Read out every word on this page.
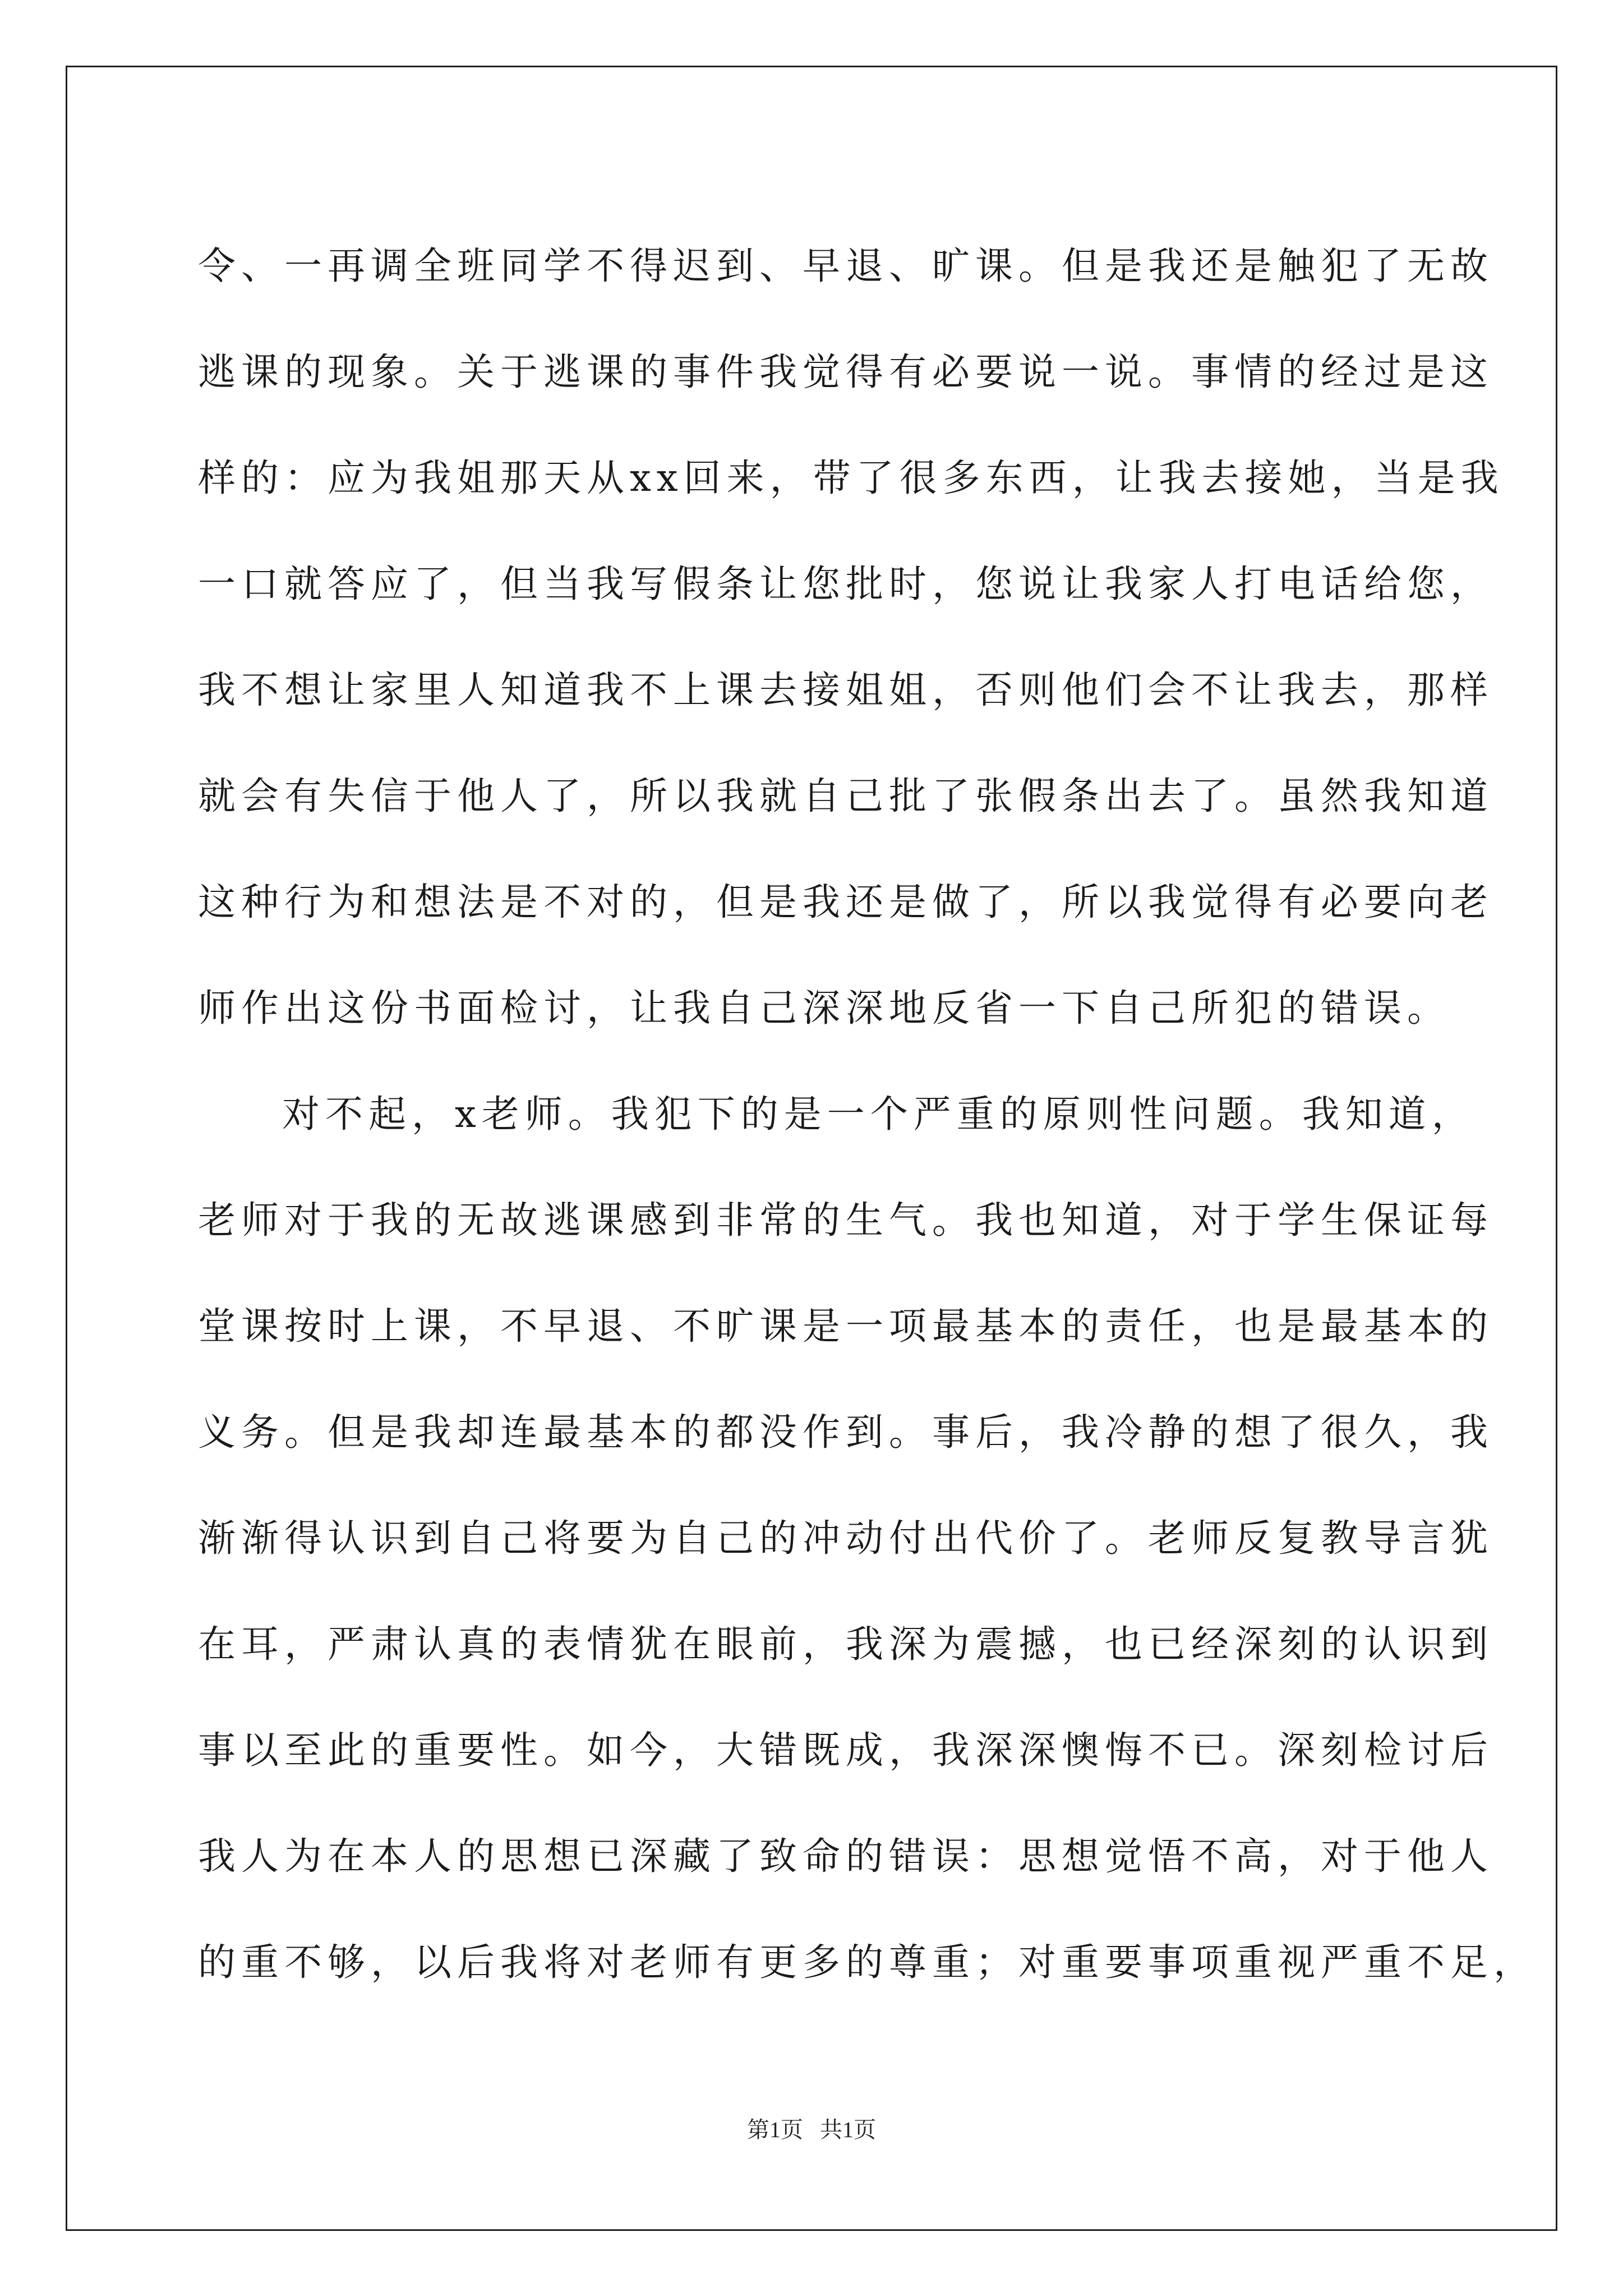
令、一再调全班同学不得迟到、早退、旷课。但是我还是触犯了无故
逃课的现象。关于逃课的事件我觉得有必要说一说。事情的经过是这
样的：应为我姐那天从xx回来，带了很多东西，让我去接她，当是我
一口就答应了，但当我写假条让您批时，您说让我家人打电话给您，
我不想让家里人知道我不上课去接姐姐，否则他们会不让我去，那样
就会有失信于他人了，所以我就自己批了张假条出去了。虽然我知道
这种行为和想法是不对的，但是我还是做了，所以我觉得有必要向老
师作出这份书面检讨，让我自己深深地反省一下自己所犯的错误。
对不起，x老师。我犯下的是一个严重的原则性问题。我知道，
老师对于我的无故逃课感到非常的生气。我也知道，对于学生保证每
堂课按时上课，不早退、不旷课是一项最基本的责任，也是最基本的
义务。但是我却连最基本的都没作到。事后，我冷静的想了很久，我
渐渐得认识到自己将要为自己的冲动付出代价了。老师反复教导言犹
在耳，严肃认真的表情犹在眼前，我深为震撼，也已经深刻的认识到
事以至此的重要性。如今，大错既成，我深深懊悔不已。深刻检讨后
我人为在本人的思想已深藏了致命的错误：思想觉悟不高，对于他人
的重不够，以后我将对老师有更多的尊重；对重要事项重视严重不足，
第1页   共1页
